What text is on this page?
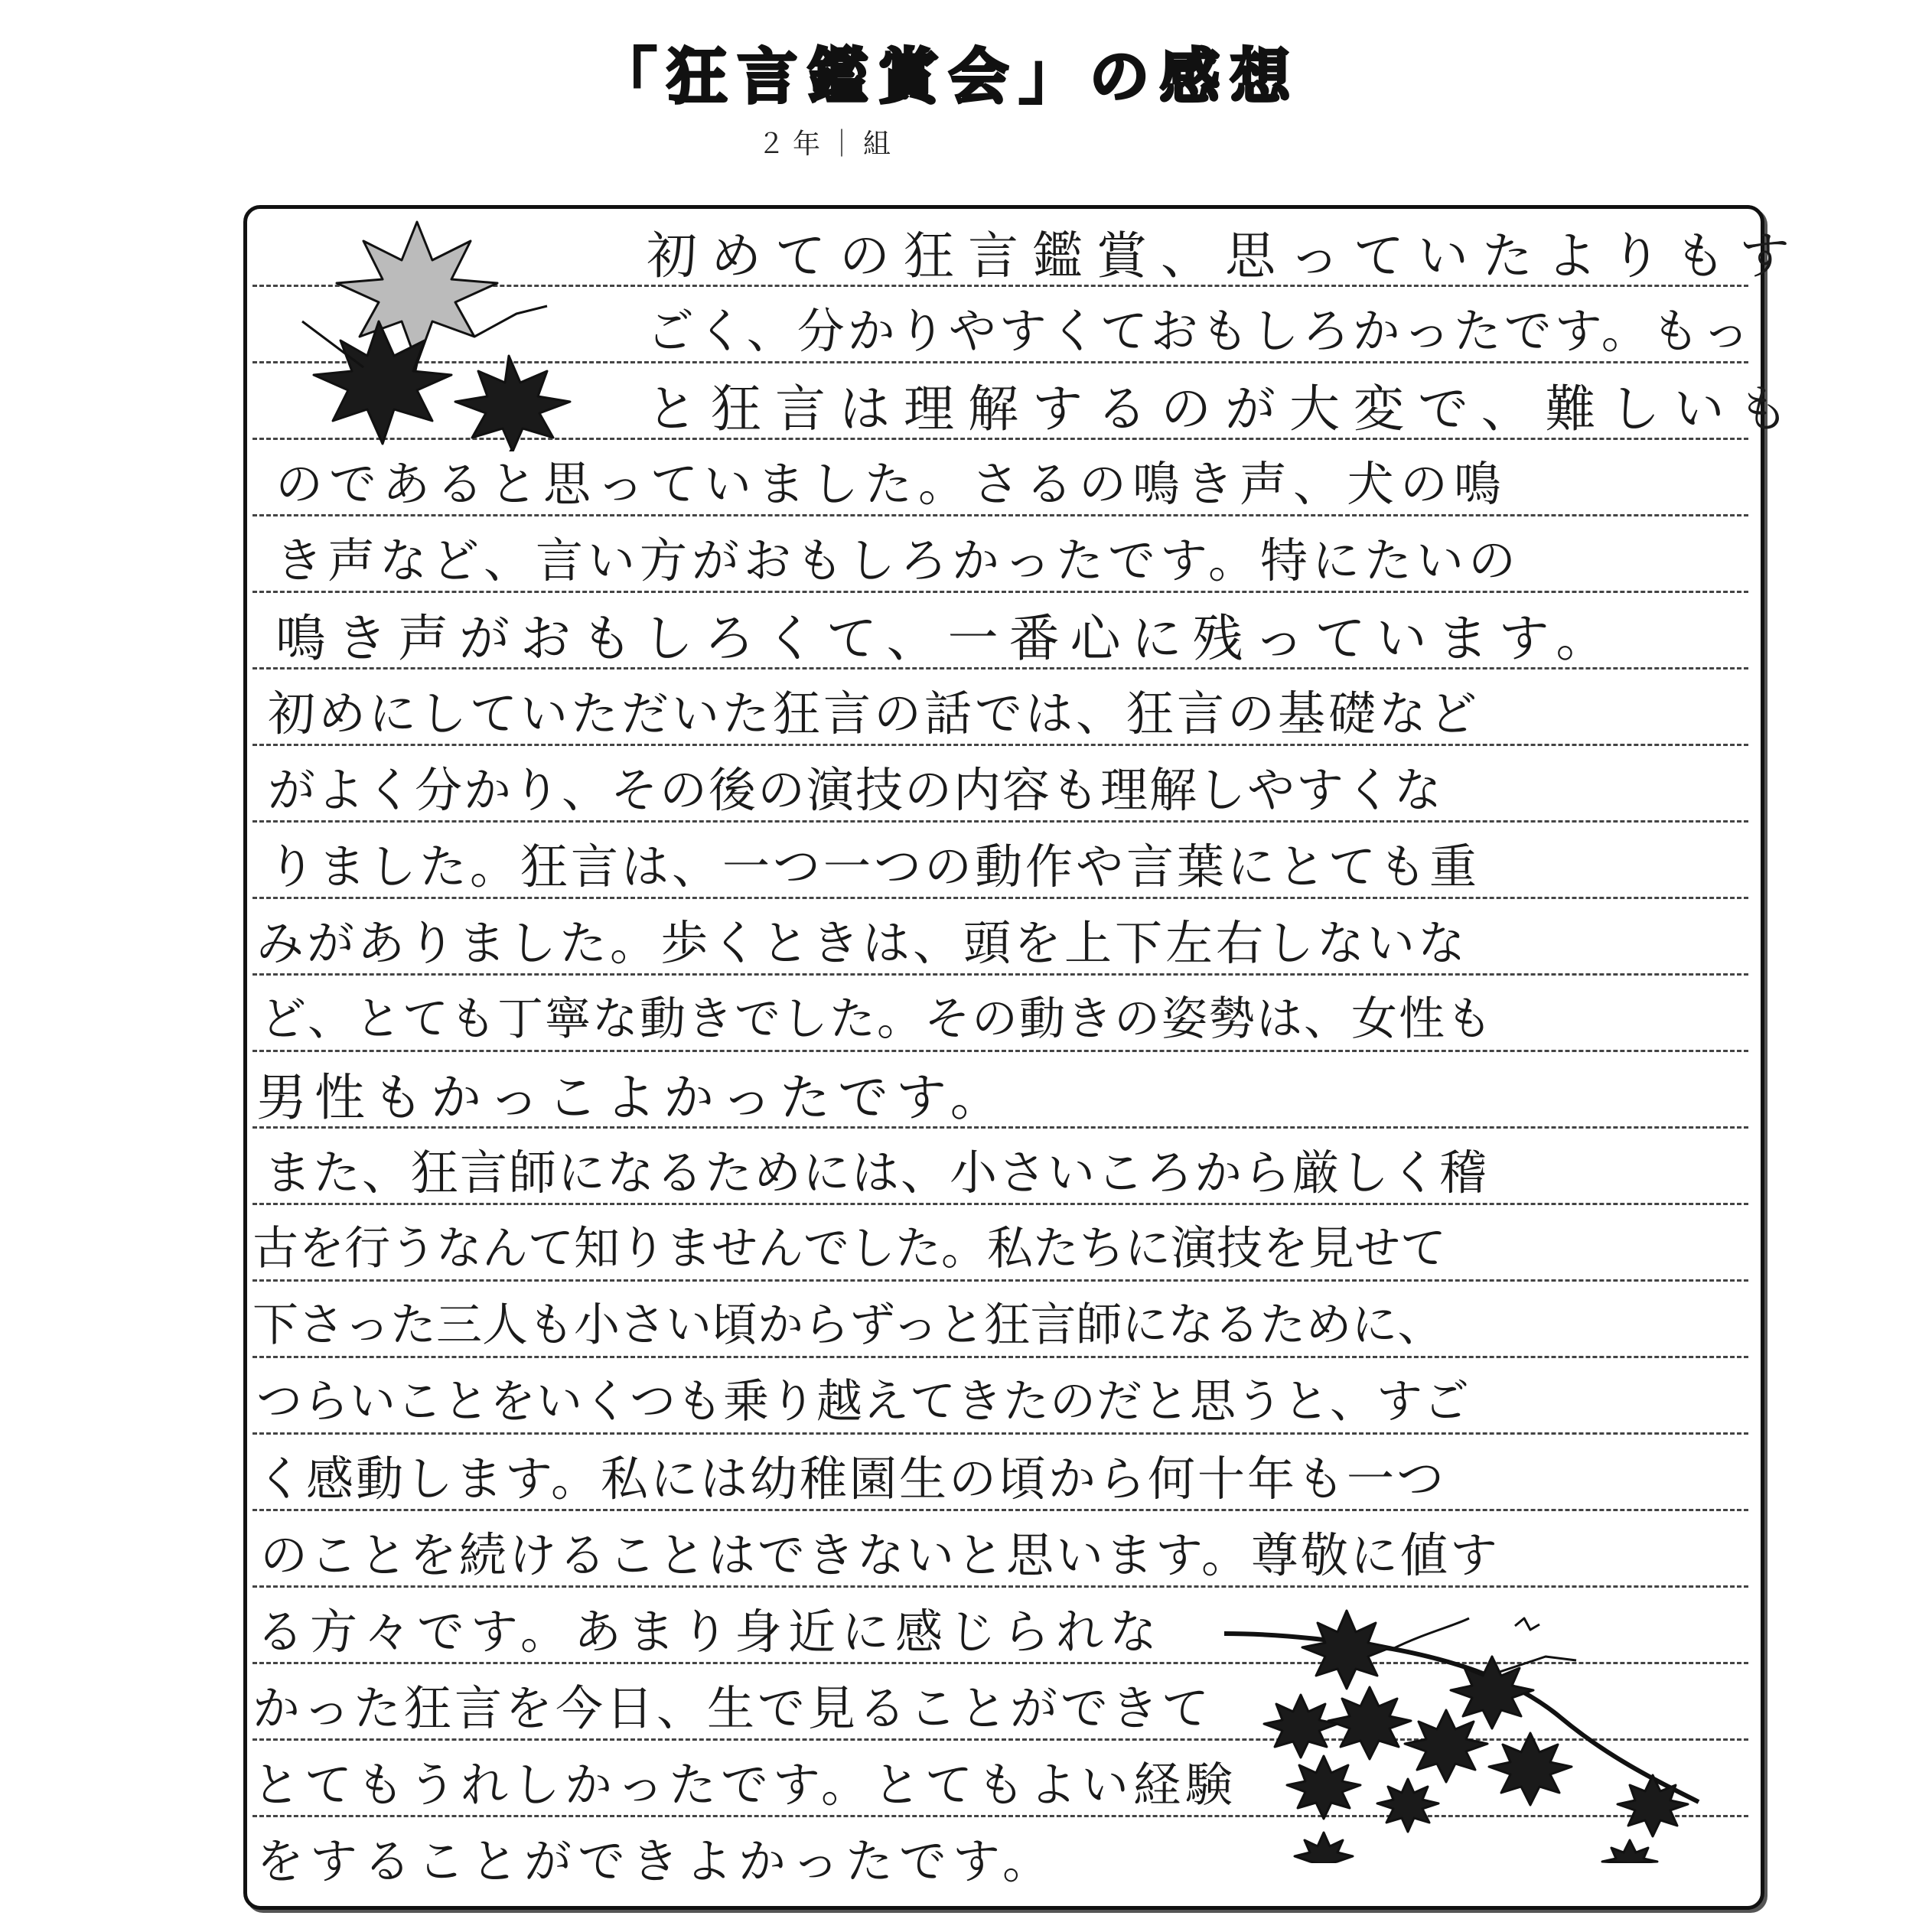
「狂言鑑賞会」の感想
２年｜組
初めての狂言鑑賞、思っていたよりもす
ごく、分かりやすくておもしろかったです。もっ
と狂言は理解するのが大変で、難しいも
のであると思っていました。さるの鳴き声、犬の鳴
き声など、言い方がおもしろかったです。特にたいの
鳴き声がおもしろくて、一番心に残っています。
初めにしていただいた狂言の話では、狂言の基礎など
がよく分かり、その後の演技の内容も理解しやすくな
りました。狂言は、一つ一つの動作や言葉にとても重
みがありました。歩くときは、頭を上下左右しないな
ど、とても丁寧な動きでした。その動きの姿勢は、女性も
男性もかっこよかったです。
また、狂言師になるためには、小さいころから厳しく稽
古を行うなんて知りませんでした。私たちに演技を見せて
下さった三人も小さい頃からずっと狂言師になるために、
つらいことをいくつも乗り越えてきたのだと思うと、すご
く感動します。私には幼稚園生の頃から何十年も一つ
のことを続けることはできないと思います。尊敬に値す
る方々です。あまり身近に感じられな
かった狂言を今日、生で見ることができて
とてもうれしかったです。とてもよい経験
をすることができよかったです。
